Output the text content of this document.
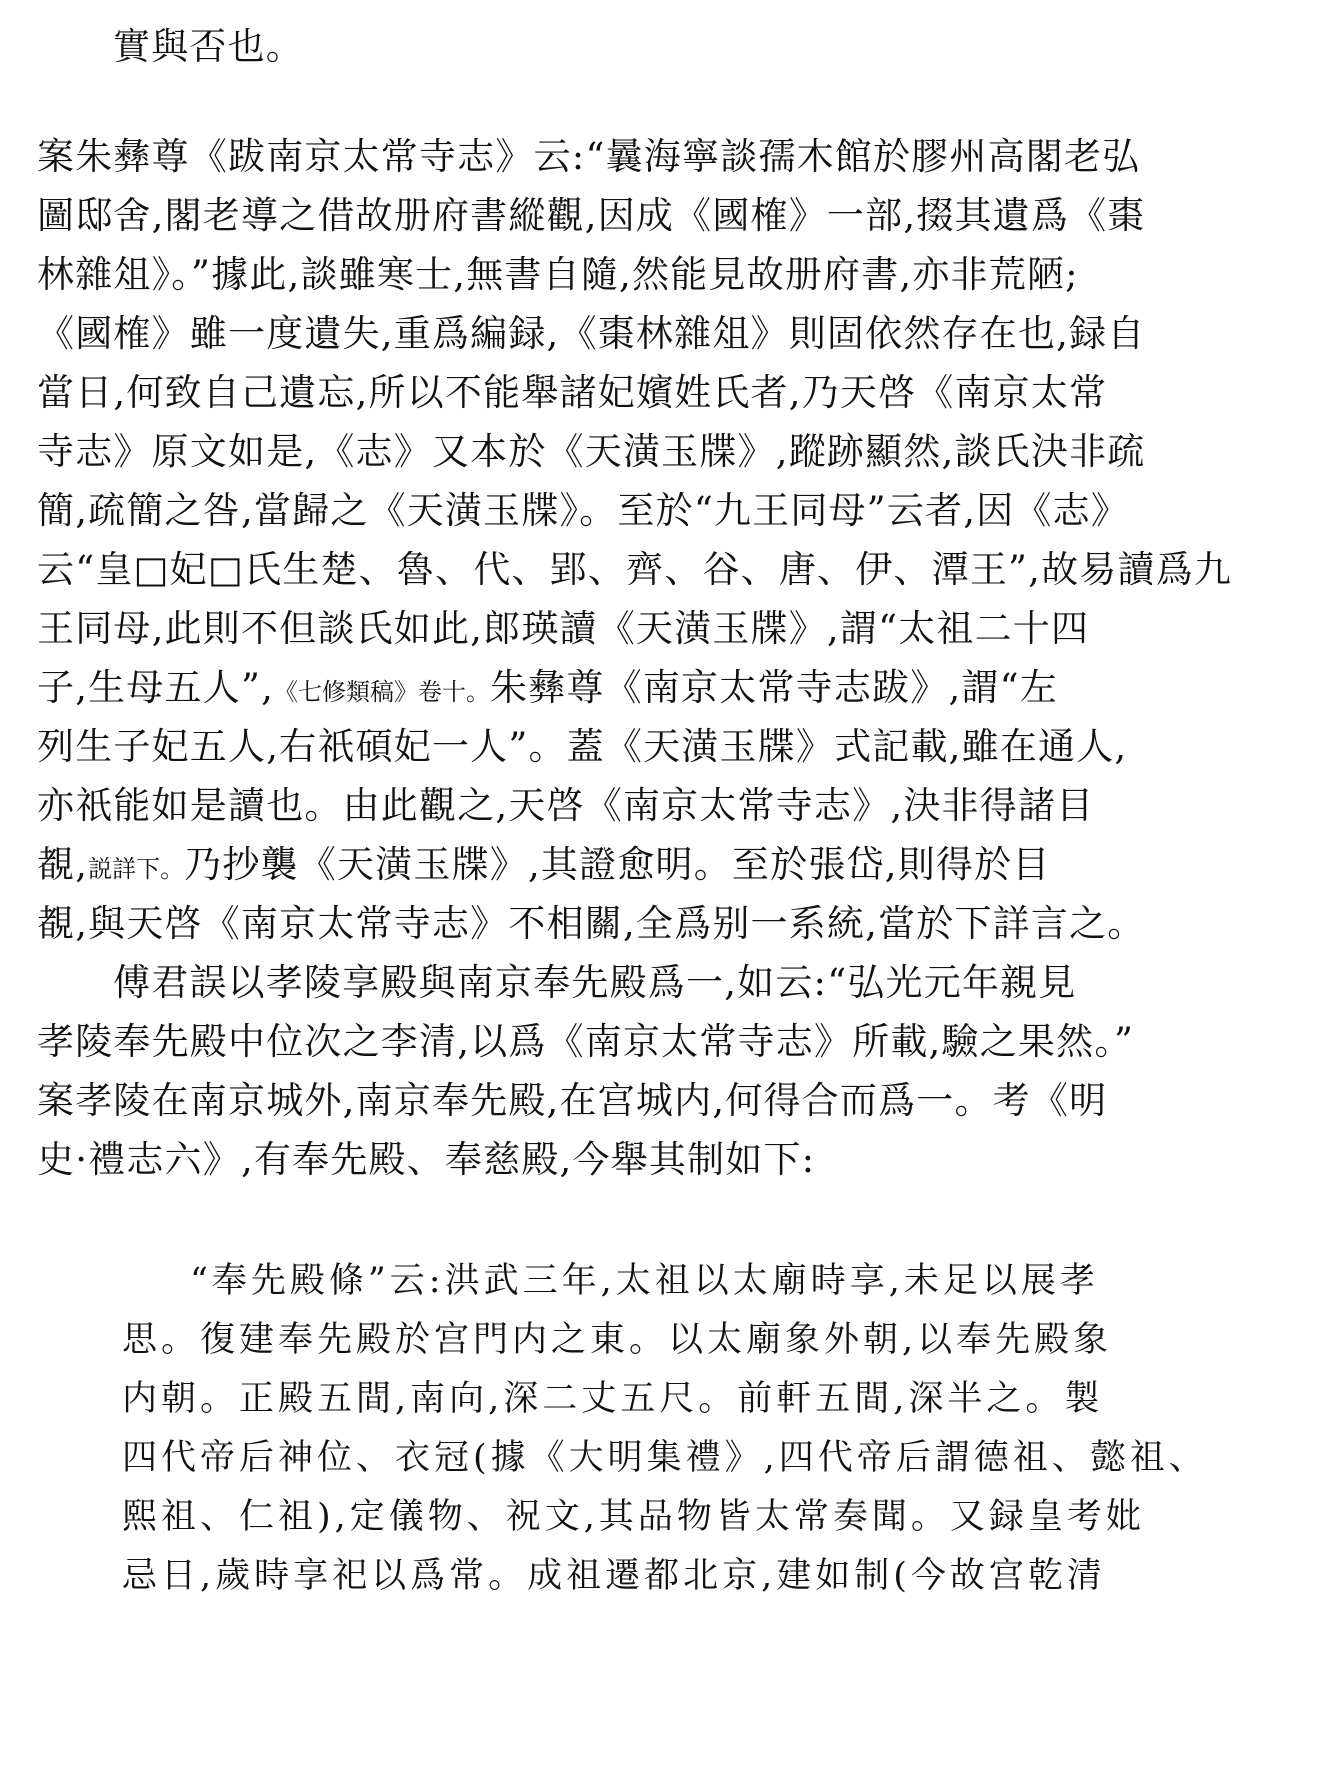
實與否也。
案朱彝尊《跋南京太常寺志》云:“曩海寧談孺木館於膠州高閣老弘
圖邸舍,閣老導之借故册府書縱觀,因成《國榷》一部,掇其遺爲《棗
林雜俎》。”據此,談雖寒士,無書自隨,然能見故册府書,亦非荒陋;
《國榷》雖一度遺失,重爲編録,《棗林雜俎》則固依然存在也,録自
當日,何致自己遺忘,所以不能舉諸妃嬪姓氏者,乃天啓《南京太常
寺志》原文如是,《志》又本於《天潢玉牒》,蹤跡顯然,談氏決非疏
簡,疏簡之咎,當歸之《天潢玉牒》。至於“九王同母”云者,因《志》
云“皇□妃□氏生楚、魯、代、郢、齊、谷、唐、伊、潭王”,故易讀爲九
王同母,此則不但談氏如此,郎瑛讀《天潢玉牒》,謂“太祖二十四
子,生母五人”,《七修類稿》卷十。朱彝尊《南京太常寺志跋》,謂“左
列生子妃五人,右祇碩妃一人”。蓋《天潢玉牒》式記載,雖在通人,
亦祇能如是讀也。由此觀之,天啓《南京太常寺志》,決非得諸目
覩,説詳下。乃抄襲《天潢玉牒》,其證愈明。至於張岱,則得於目
覩,與天啓《南京太常寺志》不相關,全爲别一系統,當於下詳言之。
傅君誤以孝陵享殿與南京奉先殿爲一,如云:“弘光元年親見
孝陵奉先殿中位次之李清,以爲《南京太常寺志》所載,驗之果然。”
案孝陵在南京城外,南京奉先殿,在宫城内,何得合而爲一。考《明
史·禮志六》,有奉先殿、奉慈殿,今舉其制如下:
“奉先殿條”云:洪武三年,太祖以太廟時享,未足以展孝
思。復建奉先殿於宫門内之東。以太廟象外朝,以奉先殿象
内朝。正殿五間,南向,深二丈五尺。前軒五間,深半之。製
四代帝后神位、衣冠(據《大明集禮》,四代帝后謂德祖、懿祖、
熙祖、仁祖),定儀物、祝文,其品物皆太常奏聞。又録皇考妣
忌日,歲時享祀以爲常。成祖遷都北京,建如制(今故宫乾清
